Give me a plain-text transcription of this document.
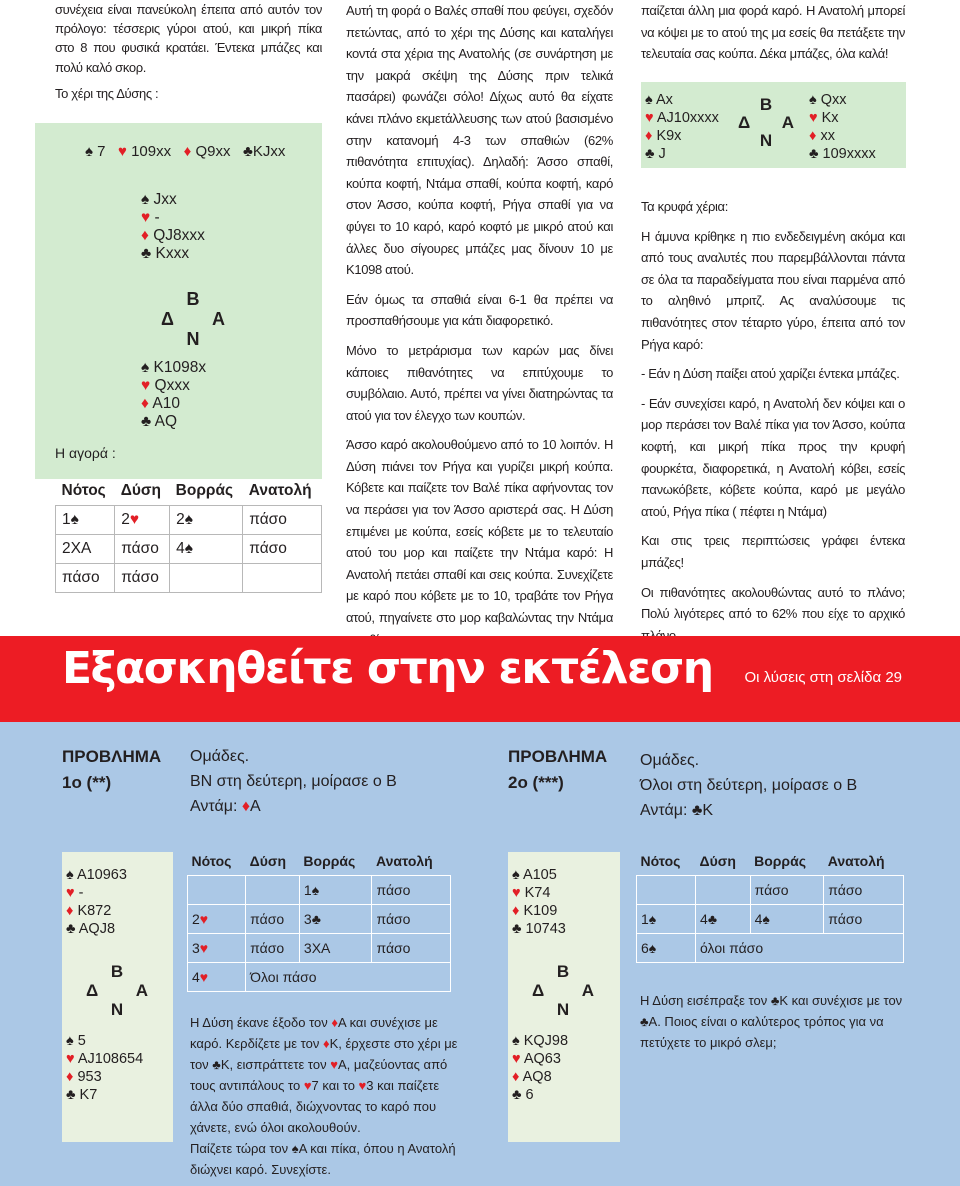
συνέχεια είναι πανεύκολη έπειτα από αυτόν τον πρόλογο: τέσσερις γύροι ατού, και μικρή πίκα στο 8 που φυσικά κρατάει. Έντεκα μπάζες και πολύ καλό σκορ.

Το χέρι της Δύσης :

♠ 7 ♥ 109xx ♦ Q9xx ♣KJxx
♠ Jxx
♥ -
♦ QJ8xxx
♣ Kxxx
Β
Δ Α
Ν
♠ K1098x
♥ Qxxx
♦ A10
♣ AQ
Η αγορά :
Νότος	Δύση	Βορράς	Ανατολή
1♠	2♥	2♠	πάσο
2ΧΑ	πάσο	4♠	πάσο
πάσο	πάσο		

Αυτή τη φορά ο Βαλές σπαθί που φεύγει, σχεδόν πετώντας, από το χέρι της Δύσης και καταλήγει κοντά στα χέρια της Ανατολής (σε συνάρτηση με την μακρά σκέψη της Δύσης πριν τελικά πασάρει) φωνάζει σόλο! Δίχως αυτό θα είχατε κάνει πλάνο εκμετάλλευσης των ατού βασισμένο στην κατανομή 4-3 των σπαθιών (62% πιθανότητα επιτυχίας). Δηλαδή: Άσσο σπαθί, κούπα κοφτή, Ντάμα σπαθί, κούπα κοφτή, καρό στον Άσσο, κούπα κοφτή, Ρήγα σπαθί για να φύγει το 10 καρό, καρό κοφτό με μικρό ατού και άλλες δυο σίγουρες μπάζες μας δίνουν 10 με Κ1098 ατού.

Εάν όμως τα σπαθιά είναι 6-1 θα πρέπει να προσπαθήσουμε για κάτι διαφορετικό.

Μόνο το μετράρισμα των καρών μας δίνει κάποιες πιθανότητες να επιτύχουμε το συμβόλαιο. Αυτό, πρέπει να γίνει διατηρώντας τα ατού για τον έλεγχο των κουπών.

Άσσο καρό ακολουθούμενο από το 10 λοιπόν. Η Δύση πιάνει τον Ρήγα και γυρίζει μικρή κούπα. Κόβετε και παίζετε τον Βαλέ πίκα αφήνοντας τον να περάσει για τον Άσσο αριστερά σας. Η Δύση επιμένει με κούπα, εσείς κόβετε με το τελευταίο ατού του μορ και παίζετε την Ντάμα καρό: Η Ανατολή πετάει σπαθί και σεις κούπα. Συνεχίζετε με καρό που κόβετε με το 10, τραβάτε τον Ρήγα ατού, πηγαίνετε στο μορ καβαλώντας την Ντάμα

παίζεται άλλη μια φορά καρό. Η Ανατολή μπορεί να κόψει με το ατού της μα εσείς θα πετάξετε την τελευταία σας κούπα. Δέκα μπάζες, όλα καλά!

♠ Ax
♥ AJ10xxxx
♦ K9x
♣ J
Β
Δ Α
Ν
♠ Qxx
♥ Kx
♦ xx
♣ 109xxxx

Τα κρυφά χέρια:

Η άμυνα κρίθηκε η πιο ενδεδειγμένη ακόμα και από τους αναλυτές που παρεμβάλλονται πάντα σε όλα τα παραδείγματα που είναι παρμένα από το αληθινό μπριτζ. Ας αναλύσουμε τις πιθανότητες στον τέταρτο γύρο, έπειτα από τον Ρήγα καρό:

- Εάν η Δύση παίξει ατού χαρίζει έντεκα μπάζες.

- Εάν συνεχίσει καρό, η Ανατολή δεν κόψει και ο μορ περάσει τον Βαλέ πίκα για τον Άσσο, κούπα κοφτή, και μικρή πίκα προς την κρυφή φουρκέτα, διαφορετικά, η Ανατολή κόβει, εσείς πανωκόβετε, κόβετε κούπα, καρό με μεγάλο ατού, Ρήγα πίκα ( πέφτει η Ντάμα)

Και στις τρεις περιπτώσεις γράφει έντεκα μπάζες!

Οι πιθανότητες ακολουθώντας αυτό το πλάνο; Πολύ λιγότερες από το 62% που είχε το αρχικό

Εξασκηθείτε στην εκτέλεση Οι λύσεις στη σελίδα 29
ΠΡΟΒΛΗΜΑ
1ο (**)
Ομάδες.
ΒΝ στη δεύτερη, μοίρασε ο Β
Αντάμ: ♦A
♠ A10963
♥ -
♦ K872
♣ AQJ8
Β
Δ Α
Ν
♠ 5
♥ AJ108654
♦ 953
♣ K7
Νότος	Δύση	Βορράς	Ανατολή
		1♠	πάσο
2♥	πάσο	3♣	πάσο
3♥	πάσο	3ΧΑ	πάσο
4♥	Όλοι πάσο		

Η Δύση έκανε έξοδο τον ♦Α και συνέχισε με καρό. Κερδίζετε με τον ♦K, έρχεστε στο χέρι με τον ♣K, εισπράττετε τον ♥A, μαζεύοντας από τους αντιπάλους το ♥7 και το ♥3 και παίζετε άλλα δύο σπαθιά, διώχνοντας το καρό που χάνετε, ενώ όλοι ακολουθούν.
Παίζετε τώρα τον ♠A και πίκα, όπου η Ανατολή διώχνει καρό. Συνεχίστε.

ΠΡΟΒΛΗΜΑ
2ο (***)
Ομάδες.
Όλοι στη δεύτερη, μοίρασε ο Β
Αντάμ: ♣K
♠ A105
♥ K74
♦ K109
♣ 10743
Β
Δ Α
Ν
♠ KQJ98
♥ AQ63
♦ AQ8
♣ 6
Νότος	Δύση	Βορράς	Ανατολή
		πάσο	πάσο
1♠	4♣	4♠	πάσο
6♠	όλοι πάσο		

Η Δύση εισέπραξε τον ♣K και συνέχισε με τον ♣Α. Ποιος είναι ο καλύτερος τρόπος για να πετύχετε το μικρό σλεμ;
